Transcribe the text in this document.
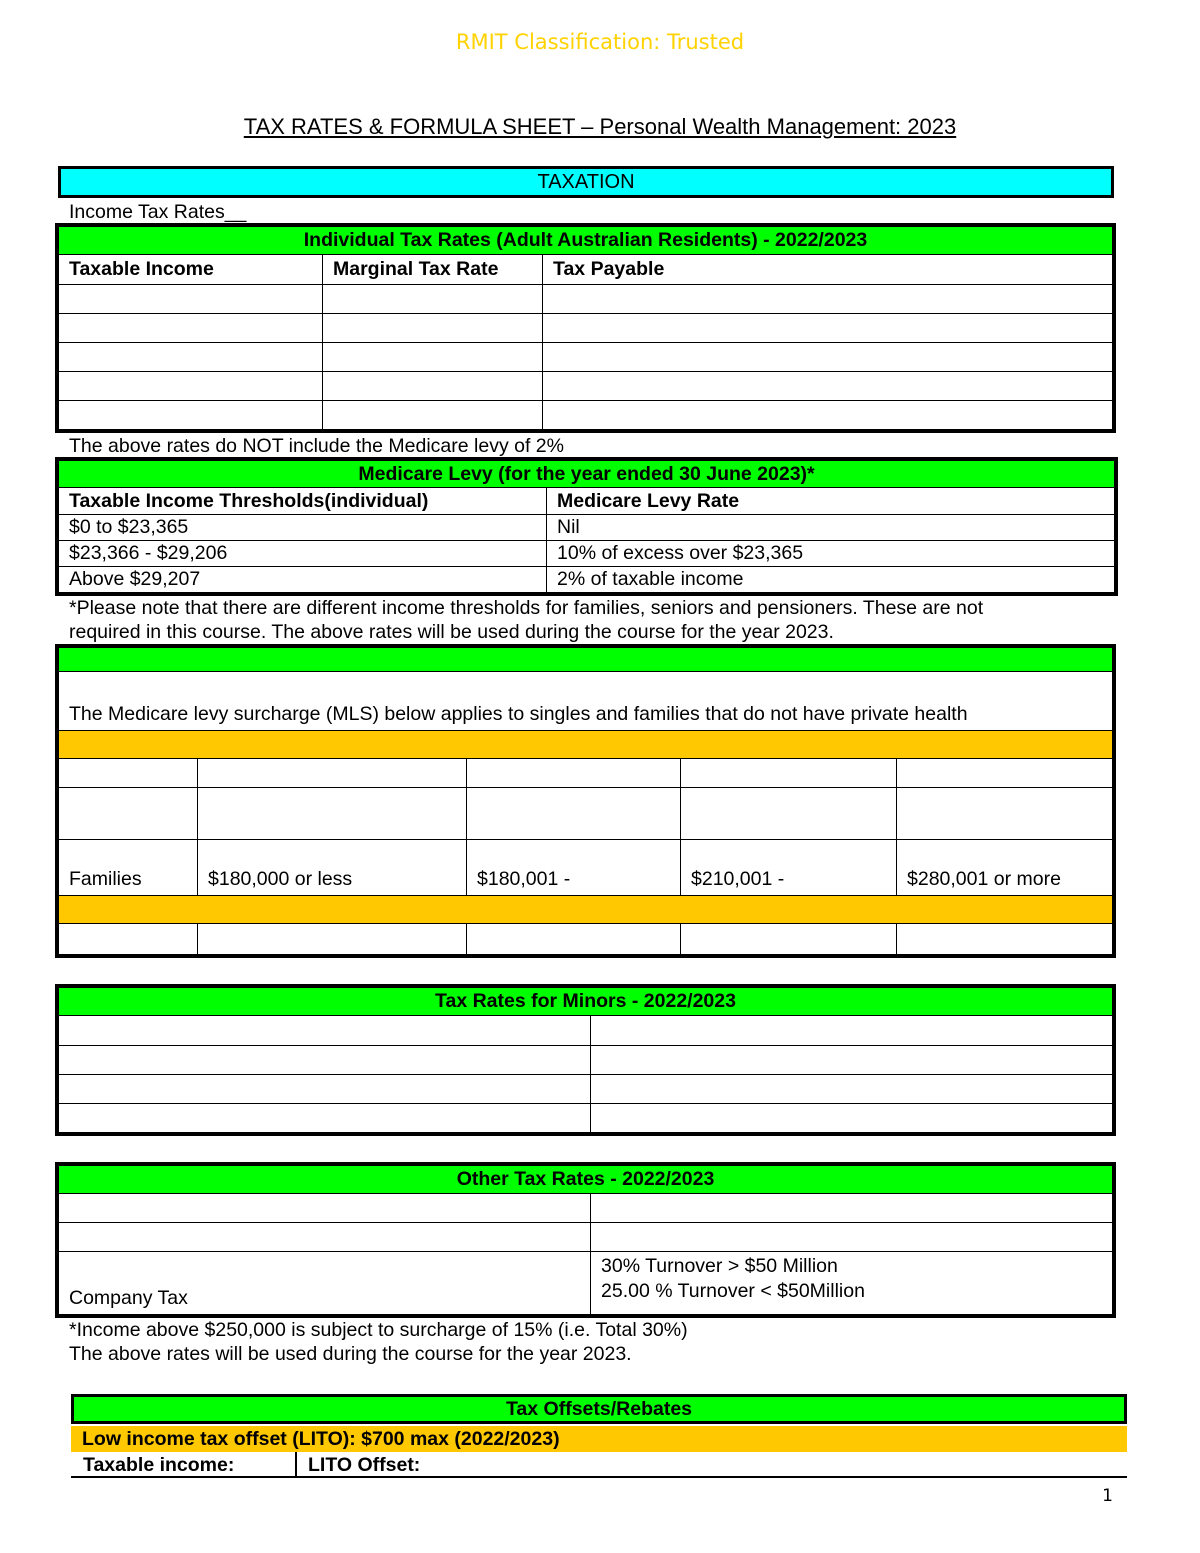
RMIT Classification: Trusted
TAX RATES & FORMULA SHEET – Personal Wealth Management: 2023
TAXATION
Income Tax Rates__
Individual Tax Rates (Adult Australian Residents) - 2022/2023		
Taxable Income	Marginal Tax Rate	Tax Payable

The above rates do NOT include the Medicare levy of 2%
Medicare Levy (for the year ended 30 June 2023)*	
Taxable Income Thresholds(individual)	Medicare Levy Rate
$0 to $23,365	Nil
$23,366 - $29,206	10% of excess over $23,365
Above $29,207	2% of taxable income
*Please note that there are different income thresholds for families, seniors and pensioners. These are not
required in this course. The above rates will be used during the course for the year 2023.

The Medicare levy surcharge (MLS) below applies to singles and families that do not have private health				

Families	$180,000 or less	$180,001 -	$210,001 -	$280,001 or more

Tax Rates for Minors - 2022/2023	

Other Tax Rates - 2022/2023	

Company Tax	30% Turnover > $50 Million
25.00 % Turnover < $50Million
*Income above $250,000 is subject to surcharge of 15% (i.e. Total 30%)
The above rates will be used during the course for the year 2023.
Tax Offsets/Rebates
Low income tax offset (LITO): $700 max (2022/2023)
Taxable income:	LITO Offset:
1
